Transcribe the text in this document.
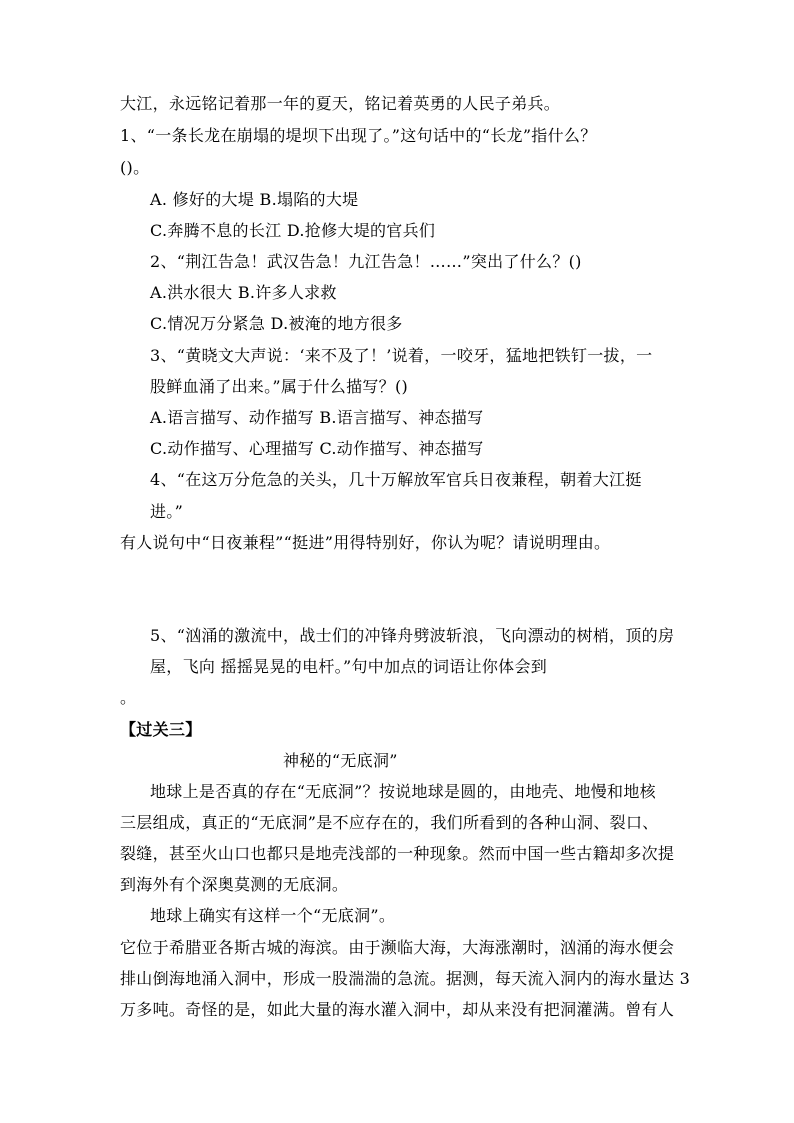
大江，永远铭记着那一年的夏天，铭记着英勇的人民子弟兵。
1、“一条长龙在崩塌的堤坝下出现了。”这句话中的“长龙”指什么？
()。
A. 修好的大堤 B.塌陷的大堤
C.奔腾不息的长江 D.抢修大堤的官兵们
2、“荆江告急！武汉告急！九江告急！……”突出了什么？()
A.洪水很大 B.许多人求救
C.情况万分紧急 D.被淹的地方很多
3、“黄晓文大声说：‘来不及了！’说着，一咬牙，猛地把铁钉一拔，一
股鲜血涌了出来。”属于什么描写？()
A.语言描写、动作描写 B.语言描写、神态描写
C.动作描写、心理描写 C.动作描写、神态描写
4、“在这万分危急的关头，几十万解放军官兵日夜兼程，朝着大江挺
进。”
有人说句中“日夜兼程”“挺进”用得特别好，你认为呢？请说明理由。
5、“汹涌的激流中，战士们的冲锋舟劈波斩浪，飞向漂动的树梢，顶的房
屋，飞向 摇摇晃晃的电杆。”句中加点的词语让你体会到
。
【过关三】
神秘的“无底洞”
地球上是否真的存在“无底洞”？按说地球是圆的，由地壳、地慢和地核
三层组成，真正的“无底洞”是不应存在的，我们所看到的各种山洞、裂口、
裂缝，甚至火山口也都只是地壳浅部的一种现象。然而中国一些古籍却多次提
到海外有个深奥莫测的无底洞。
地球上确实有这样一个“无底洞”。
它位于希腊亚各斯古城的海滨。由于濒临大海，大海涨潮时，汹涌的海水便会
排山倒海地涌入洞中，形成一股湍湍的急流。据测，每天流入洞内的海水量达 3
万多吨。奇怪的是，如此大量的海水灌入洞中，却从来没有把洞灌满。曾有人
